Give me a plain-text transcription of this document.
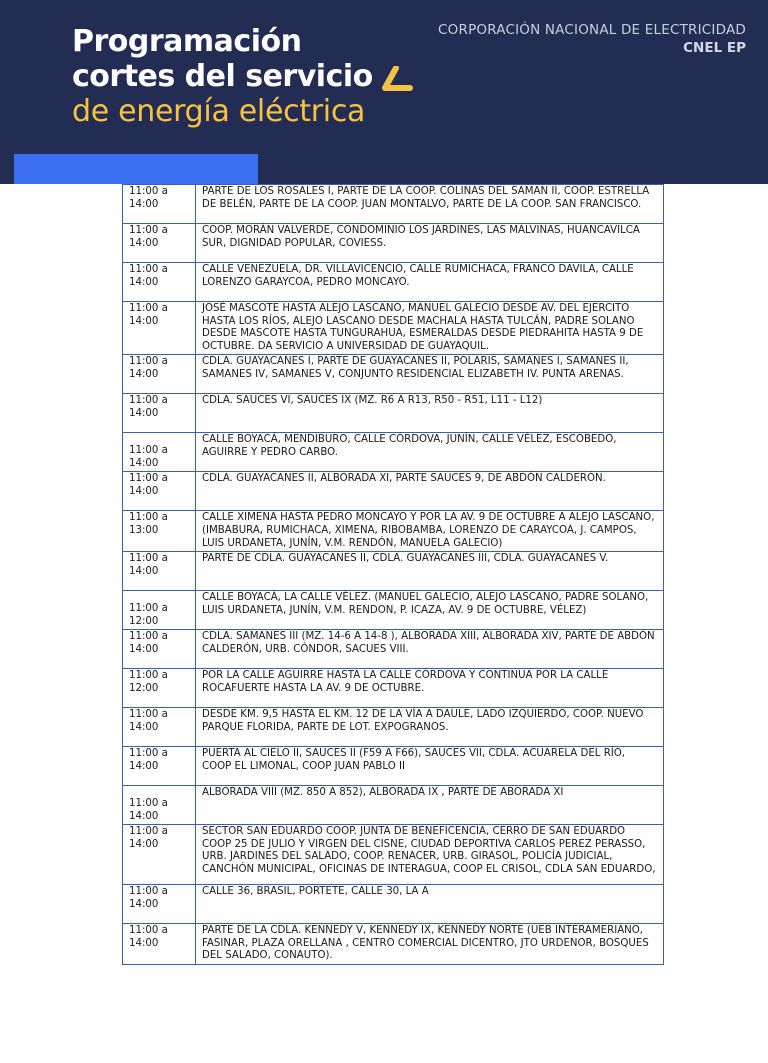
Programación
cortes del servicio
de energía eléctrica
CORPORACIÓN NACIONAL DE ELECTRICIDAD
CNEL EP
11:00 a 14:00	PARTE DE LOS ROSALES I, PARTE DE LA COOP. COLINAS DEL SAMAN II, COOP. ESTRELLA DE BELÉN, PARTE DE LA COOP. JUAN MONTALVO, PARTE DE LA COOP. SAN FRANCISCO.
11:00 a 14:00	COOP. MORÁN VALVERDE, CONDOMINIO LOS JARDINES, LAS MALVINAS, HUANCAVILCA SUR, DIGNIDAD POPULAR, COVIESS.
11:00 a 14:00	CALLE VENEZUELA, DR. VILLAVICENCIO, CALLE RUMICHACA, FRANCO DAVILA, CALLE LORENZO GARAYCOA, PEDRO MONCAYO.
11:00 a 14:00	JOSÉ MASCOTE HASTA ALEJO LASCANO, MANUEL GALECIO DESDE AV. DEL EJERCITO HASTA LOS RÍOS, ALEJO LASCANO DESDE MACHALA HASTA TULCÁN, PADRE SOLANO DESDE MASCOTE HASTA TUNGURAHUA, ESMERALDAS DESDE PIEDRAHITA HASTA 9 DE OCTUBRE. DA SERVICIO A UNIVERSIDAD DE GUAYAQUIL.
11:00 a 14:00	CDLA. GUAYACANES I, PARTE DE GUAYACANES II, POLARIS, SAMANES I, SAMANES II, SAMANES IV, SAMANES V, CONJUNTO RESIDENCIAL ELIZABETH IV. PUNTA ARENAS.
11:00 a 14:00	CDLA. SAUCES VI, SAUCES IX (MZ. R6 A R13, R50 - R51, L11 - L12)
11:00 a 14:00	CALLE BOYACÁ, MENDIBURO, CALLE CÓRDOVA, JUNÍN, CALLE VÉLEZ, ESCOBEDO, AGUIRRE Y PEDRO CARBO.
11:00 a 14:00	CDLA. GUAYACANES II, ALBORADA XI, PARTE SAUCES 9, DE ABDÓN CALDERÓN.
11:00 a 13:00	CALLE XIMENA HASTA PEDRO MONCAYO Y POR LA AV. 9 DE OCTUBRE A ALEJO LASCANO, (IMBABURA, RUMICHACA, XIMENA, RIBOBAMBA, LORENZO DE CARAYCOA, J. CAMPOS, LUIS URDANETA, JUNÍN, V.M. RENDÓN, MANUELA GALECIO)
11:00 a 14:00	PARTE DE CDLA. GUAYACANES II, CDLA. GUAYACANES III, CDLA. GUAYACANES V.
11:00 a 12:00	CALLE BOYACÁ, LA CALLE VÉLEZ. (MANUEL GALECIO, ALEJO LASCANO, PADRE SOLANO, LUIS URDANETA, JUNÍN, V.M. RENDON, P. ICAZA, AV. 9 DE OCTUBRE, VÉLEZ)
11:00 a 14:00	CDLA. SAMANES III (MZ. 14-6 A 14-8 ), ALBORADA XIII, ALBORADA XIV, PARTE DE ABDÓN CALDERÓN, URB. CÓNDOR, SACUES VIII.
11:00 a 12:00	POR LA CALLE AGUIRRE HASTA LA CALLE CÓRDOVA Y CONTINUA POR LA CALLE ROCAFUERTE HASTA LA AV. 9 DE OCTUBRE.
11:00 a 14:00	DESDE KM. 9,5 HASTA EL KM. 12 DE LA VÍA A DAULE, LADO IZQUIERDO, COOP. NUEVO PARQUE FLORIDA, PARTE DE LOT. EXPOGRANOS.
11:00 a 14:00	PUERTA AL CIELO II, SAUCES II (F59 A F66), SAUCES VII, CDLA. ACUARELA DEL RÍO, COOP EL LIMONAL, COOP JUAN PABLO II
11:00 a 14:00	ALBORADA VIII (MZ. 850 A 852), ALBORADA IX , PARTE DE ABORADA XI
11:00 a 14:00	SECTOR SAN EDUARDO COOP. JUNTA DE BENEFICENCIA, CERRO DE SAN EDUARDO COOP 25 DE JULIO Y VIRGEN DEL CISNE, CIUDAD DEPORTIVA CARLOS PEREZ PERASSO, URB. JARDINES DEL SALADO, COOP. RENACER, URB. GIRASOL, POLICÍA JUDICIAL, CANCHÓN MUNICIPAL, OFICINAS DE INTERAGUA, COOP EL CRISOL, CDLA SAN EDUARDO,
11:00 a 14:00	CALLE 36, BRASIL, PORTETE, CALLE 30, LA A
11:00 a 14:00	PARTE DE LA CDLA. KENNEDY V, KENNEDY IX, KENNEDY NORTE (UEB INTERAMERIANO, FASINAR, PLAZA ORELLANA , CENTRO COMERCIAL DICENTRO, JTO URDENOR, BOSQUES DEL SALADO, CONAUTO).
